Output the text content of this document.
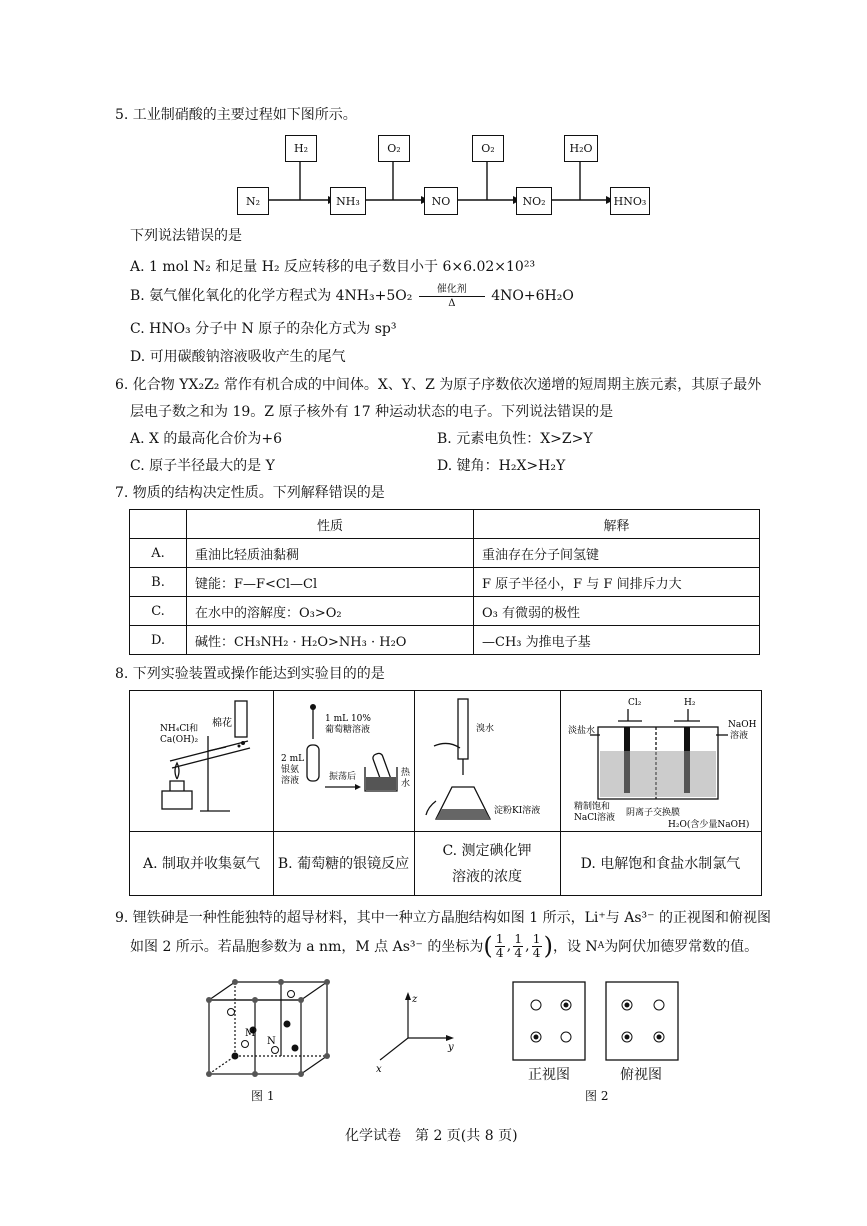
5. 工业制硝酸的主要过程如下图所示。
N₂	NH₃	NO	NO₂	HNO₃
H₂	O₂	O₂	H₂O
下列说法错误的是
A. 1 mol N₂ 和足量 H₂ 反应转移的电子数目小于 6×6.02×10²³
B. 氨气催化氧化的化学方程式为 4NH₃+5O₂	催化剂
Δ	4NO+6H₂O
C. HNO₃ 分子中 N 原子的杂化方式为 sp³
D. 可用碳酸钠溶液吸收产生的尾气
6. 化合物 YX₂Z₂ 常作有机合成的中间体。X、Y、Z 为原子序数依次递增的短周期主族元素，其原子最外
层电子数之和为 19。Z 原子核外有 17 种运动状态的电子。下列说法错误的是
A. X 的最高化合价为+6	B. 元素电负性：X>Z>Y
C. 原子半径最大的是 Y	D. 键角：H₂X>H₂Y
7. 物质的结构决定性质。下列解释错误的是
	性质	解释
A.	重油比轻质油黏稠	重油存在分子间氢键
B.	键能：F—F<Cl—Cl	F 原子半径小，F 与 F 间排斥力大
C.	在水中的溶解度：O₃>O₂	O₃ 有微弱的极性
D.	碱性：CH₃NH₂ · H₂O>NH₃ · H₂O	—CH₃ 为推电子基
8. 下列实验装置或操作能达到实验目的的是
NH₄Cl和
Ca(OH)₂
棉花
A. 制取并收集氨气
1 mL 10%
葡萄糖溶液
2 mL
银氨
溶液	振荡后	热
水
B. 葡萄糖的银镜反应
溴水
淀粉KI溶液
C. 测定碘化钾
溶液的浓度
Cl₂	H₂
淡盐水
NaOH
溶液
精制饱和
NaCl溶液 阴离子交换膜
H₂O(含少量NaOH)
D. 电解饱和食盐水制氯气
9. 锂铁砷是一种性能独特的超导材料，其中一种立方晶胞结构如图 1 所示，Li⁺与 As³⁻ 的正视图和俯视图
如图 2 所示。若晶胞参数为 a nm，M 点 As³⁻ 的坐标为 ( 1
4 , 1
4 , 1
4 ) ，设 N A 为阿伏加德罗常数的值。
M
N
z
y
x	正视图	俯视图
图 1	图 2
化学试卷　第 2 页(共 8 页)
